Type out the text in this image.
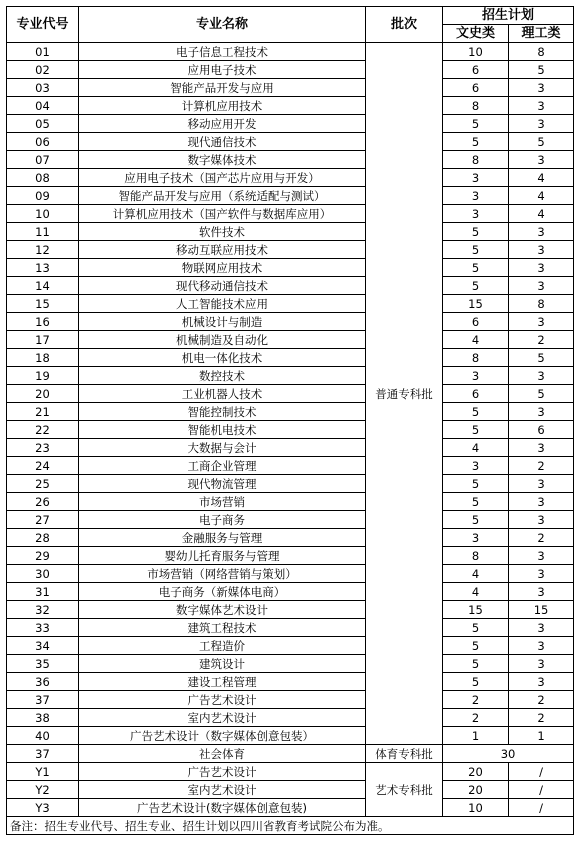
专业代号	专业名称	批次	招生计划	
			文史类	理工类
01	电子信息工程技术	普通专科批	10	8
02	应用电子技术		6	5
03	智能产品开发与应用		6	3
04	计算机应用技术		8	3
05	移动应用开发		5	3
06	现代通信技术		5	5
07	数字媒体技术		8	3
08	应用电子技术（国产芯片应用与开发）		3	4
09	智能产品开发与应用（系统适配与测试）		3	4
10	计算机应用技术（国产软件与数据库应用）		3	4
11	软件技术		5	3
12	移动互联应用技术		5	3
13	物联网应用技术		5	3
14	现代移动通信技术		5	3
15	人工智能技术应用		15	8
16	机械设计与制造		6	3
17	机械制造及自动化		4	2
18	机电一体化技术		8	5
19	数控技术		3	3
20	工业机器人技术		6	5
21	智能控制技术		5	3
22	智能机电技术		5	6
23	大数据与会计		4	3
24	工商企业管理		3	2
25	现代物流管理		5	3
26	市场营销		5	3
27	电子商务		5	3
28	金融服务与管理		3	2
29	婴幼儿托育服务与管理		8	3
30	市场营销（网络营销与策划）		4	3
31	电子商务（新媒体电商）		4	3
32	数字媒体艺术设计		15	15
33	建筑工程技术		5	3
34	工程造价		5	3
35	建筑设计		5	3
36	建设工程管理		5	3
37	广告艺术设计		2	2
38	室内艺术设计		2	2
40	广告艺术设计（数字媒体创意包装）		1	1
37	社会体育	体育专科批	30	
Y1	广告艺术设计	艺术专科批	20	/
Y2	室内艺术设计		20	/
Y3	广告艺术设计(数字媒体创意包装)		10	/
备注：招生专业代号、招生专业、招生计划以四川省教育考试院公布为准。				
